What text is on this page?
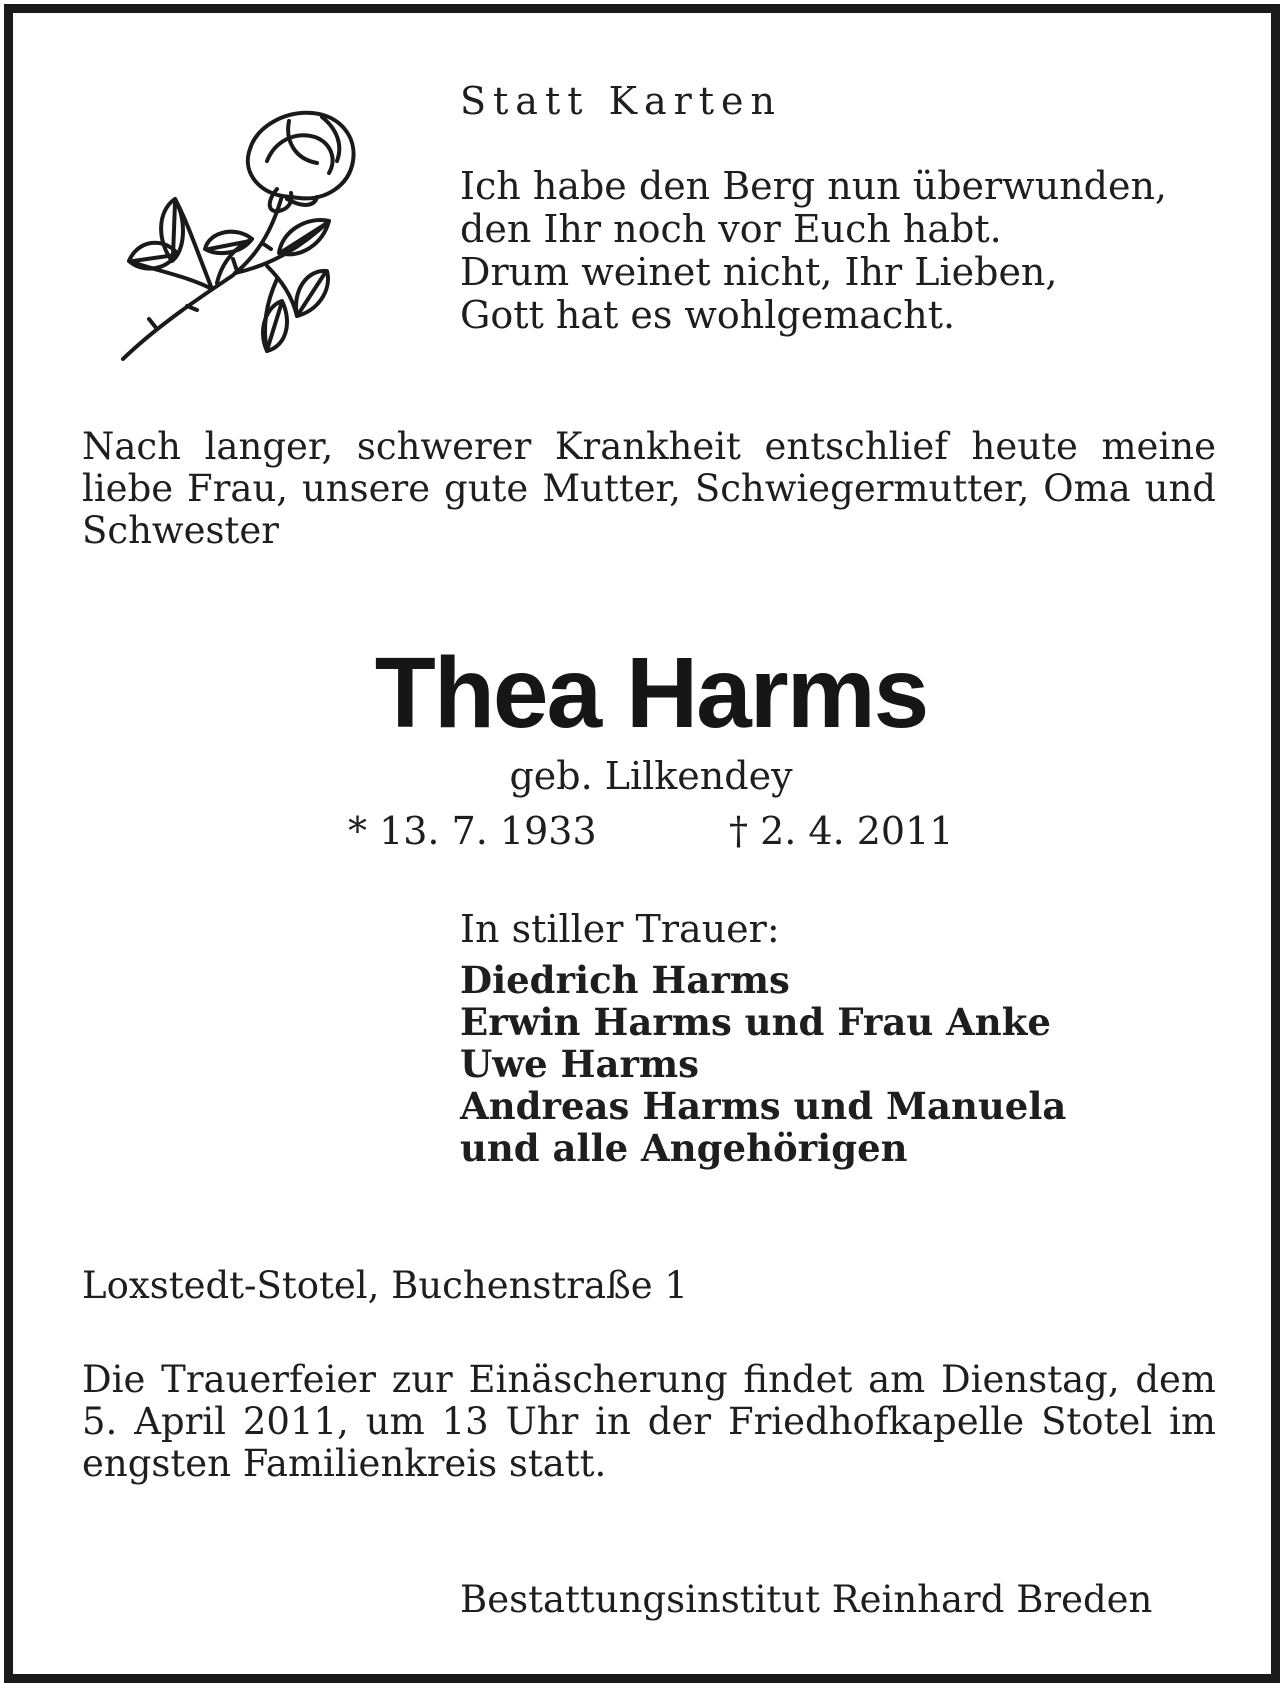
Statt Karten

Ich habe den Berg nun überwunden,
den Ihr noch vor Euch habt.
Drum weinet nicht, Ihr Lieben,
Gott hat es wohlgemacht.

Nach langer, schwerer Krankheit entschlief heute meine liebe Frau, unsere gute Mutter, Schwiegermutter, Oma und Schwester

Thea Harms

geb. Lilkendey

* 13. 7. 1933	† 2. 4. 2011

In stiller Trauer:

Diedrich Harms
Erwin Harms und Frau Anke
Uwe Harms
Andreas Harms und Manuela
und alle Angehörigen

Loxstedt-Stotel, Buchenstraße 1

Die Trauerfeier zur Einäscherung findet am Dienstag, dem 5. April 2011, um 13 Uhr in der Friedhofkapelle Stotel im engsten Familienkreis statt.

Bestattungsinstitut Reinhard Breden
